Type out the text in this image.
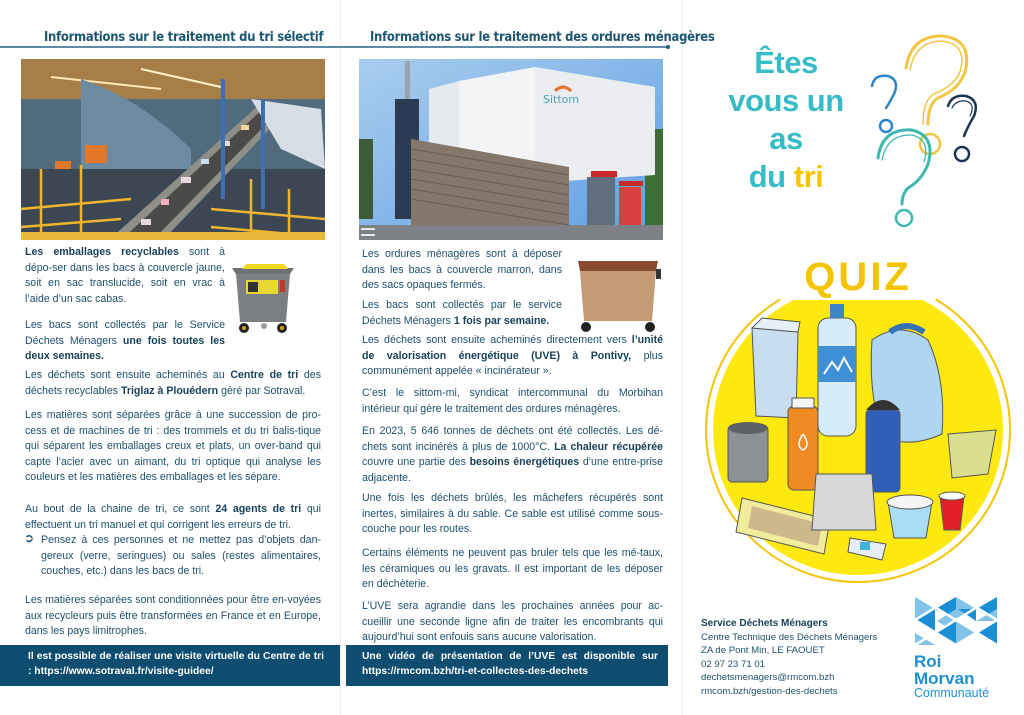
Informations sur le traitement du tri sélectif
Les emballages recyclables sont à dépo-ser dans les bacs à couvercle jaune, soit en sac translucide, soit en vrac à l’aide d’un sac cabas.
Les bacs sont collectés par le Service Déchets Ménagers une fois toutes les deux semaines.
Les déchets sont ensuite acheminés au Centre de tri des déchets recyclables Triglaz à Plouédern géré par Sotraval.
Les matières sont séparées grâce à une succession de pro-cess et de machines de tri : des trommels et du tri balis-tique qui séparent les emballages creux et plats, un over-band qui capte l’acier avec un aimant, du tri optique qui analyse les couleurs et les matières des emballages et les sépare.
Au bout de la chaine de tri, ce sont 24 agents de tri qui effectuent un tri manuel et qui corrigent les erreurs de tri.
➲ Pensez à ces personnes et ne mettez pas d’objets dan-gereux (verre, seringues) ou sales (restes alimentaires, couches, etc.) dans les bacs de tri.
Les matières séparées sont conditionnées pour être en-voyées aux recycleurs puis être transformées en France et en Europe, dans les pays limitrophes.
Il est possible de réaliser une visite virtuelle du Centre de tri : https://www.sotraval.fr/visite-guidee/
Informations sur le traitement des ordures ménagères
Sittom
Les ordures ménagères sont à déposer dans les bacs à couvercle marron, dans des sacs opaques fermés.
Les bacs sont collectés par le service Déchets Ménagers 1 fois par semaine.
Les déchets sont ensuite acheminés directement vers l’unité de valorisation énergétique (UVE) à Pontivy, plus communément appelée « incinérateur ».
C’est le sittom-mi, syndicat intercommunal du Morbihan intérieur qui gère le traitement des ordures ménagères.
En 2023, 5 646 tonnes de déchets ont été collectés. Les dé-chets sont incinérés à plus de 1000°C. La chaleur récupérée couvre une partie des besoins énergétiques d’une entre-prise adjacente.
Une fois les déchets brûlés, les mâchefers récupérés sont inertes, similaires à du sable. Ce sable est utilisé comme sous-couche pour les routes.
Certains éléments ne peuvent pas bruler tels que les mé-taux, les céramiques ou les gravats. Il est important de les déposer en déchèterie.
L’UVE sera agrandie dans les prochaines années pour ac-cueillir une seconde ligne afin de traiter les encombrants qui aujourd’hui sont enfouis sans aucune valorisation.
Une vidéo de présentation de l’UVE est disponible sur https://rmcom.bzh/tri-et-collectes-des-dechets
Êtes
vous un
as
du tri
QUIZ
Service Déchets Ménagers
Centre Technique des Déchets Ménagers
ZA de Pont Min, LE FAOUET
02 97 23 71 01
dechetsmenagers@rmcom.bzh
rmcom.bzh/gestion-des-dechets
Roi
Morvan
Communauté
